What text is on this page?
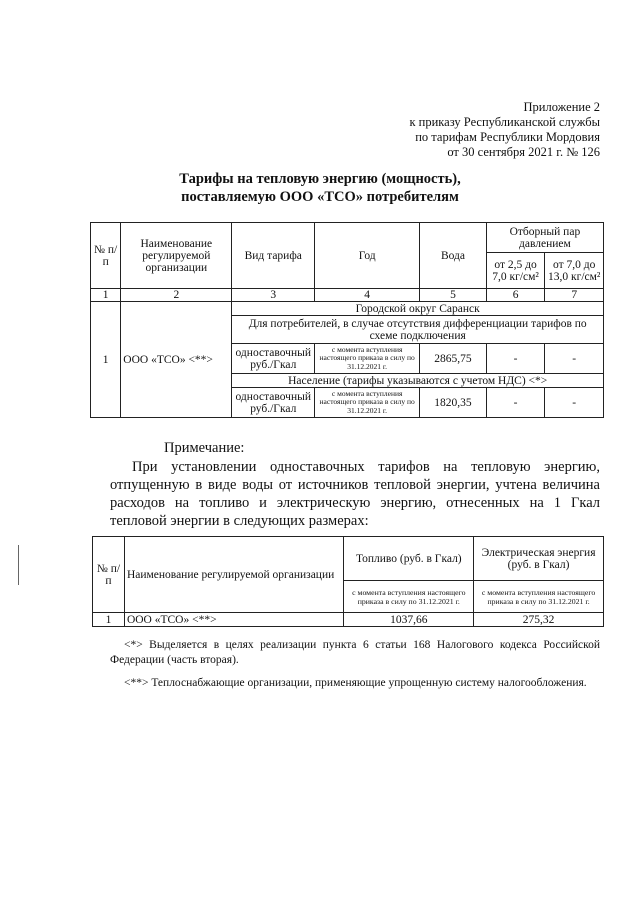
Приложение 2
к приказу Республиканской службы
по тарифам Республики Мордовия
от 30 сентября 2021 г. № 126
Тарифы на тепловую энергию (мощность),
поставляемую ООО «ТСО» потребителям
№ п/п	Наименование регулируемой организации	Вид тарифа	Год	Вода	Отборный пар давлением	
					от 2,5 до 7,0 кг/см²	от 7,0 до 13,0 кг/см²
1	2	3	4	5	6	7
1	ООО «ТСО» <**>	Городской округ Саранск				
		Для потребителей, в случае отсутствия дифференциации тарифов по схеме подключения				
		одноставочный руб./Гкал	с момента вступления настоящего приказа в силу по 31.12.2021 г.	2865,75	-	-
		Население (тарифы указываются с учетом НДС) <*>				
		одноставочный руб./Гкал	с момента вступления настоящего приказа в силу по 31.12.2021 г.	1820,35	-	-
Примечание:
При установлении одноставочных тарифов на тепловую энергию, отпущенную в виде воды от источников тепловой энергии, учтена величина расходов на топливо и электрическую энергию, отнесенных на 1 Гкал тепловой энергии в следующих размерах:
№ п/п	Наименование регулируемой организации	Топливо (руб. в Гкал)	Электрическая энергия (руб. в Гкал)
		с момента вступления настоящего приказа в силу по 31.12.2021 г.	с момента вступления настоящего приказа в силу по 31.12.2021 г.
1	ООО «ТСО» <**>	1037,66	275,32
<*> Выделяется в целях реализации пункта 6 статьи 168 Налогового кодекса Российской Федерации (часть вторая).
<**> Теплоснабжающие организации, применяющие упрощенную систему налогообложения.
